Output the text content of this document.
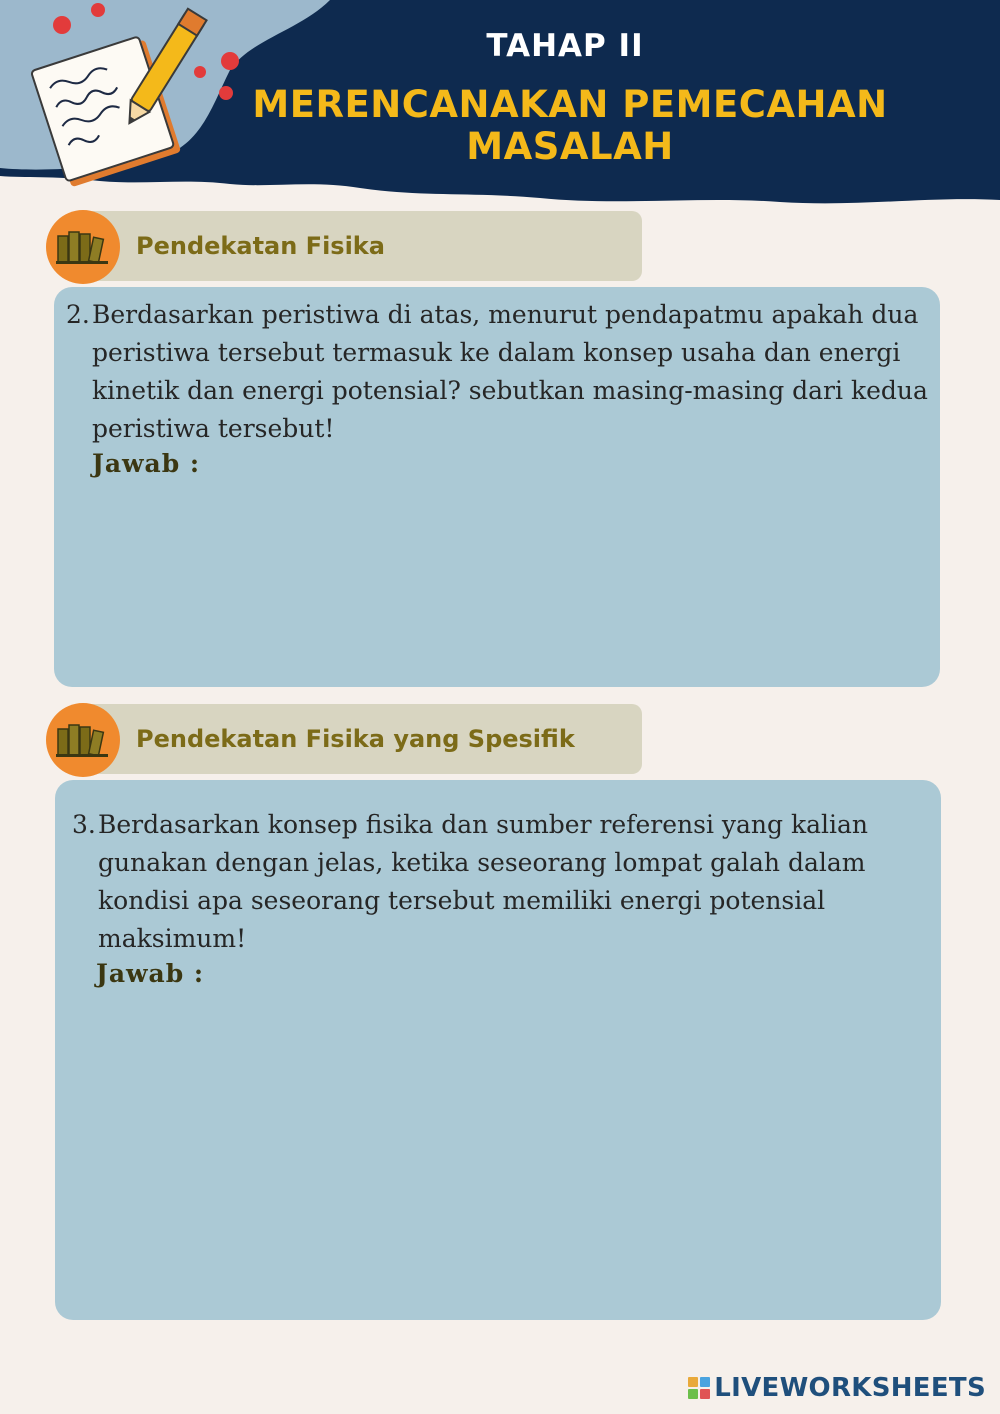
TAHAP II
MERENCANAKAN PEMECAHAN MASALAH
Pendekatan Fisika
2. Berdasarkan peristiwa di atas, menurut pendapatmu apakah dua peristiwa tersebut termasuk ke dalam konsep usaha dan energi kinetik dan energi potensial? sebutkan masing-masing dari kedua peristiwa tersebut!
Jawab :
Pendekatan Fisika yang Spesifik
3. Berdasarkan konsep fisika dan sumber referensi yang kalian gunakan dengan jelas, ketika seseorang lompat galah dalam kondisi apa seseorang tersebut memiliki energi potensial maksimum!
Jawab :
LIVEWORKSHEETS
